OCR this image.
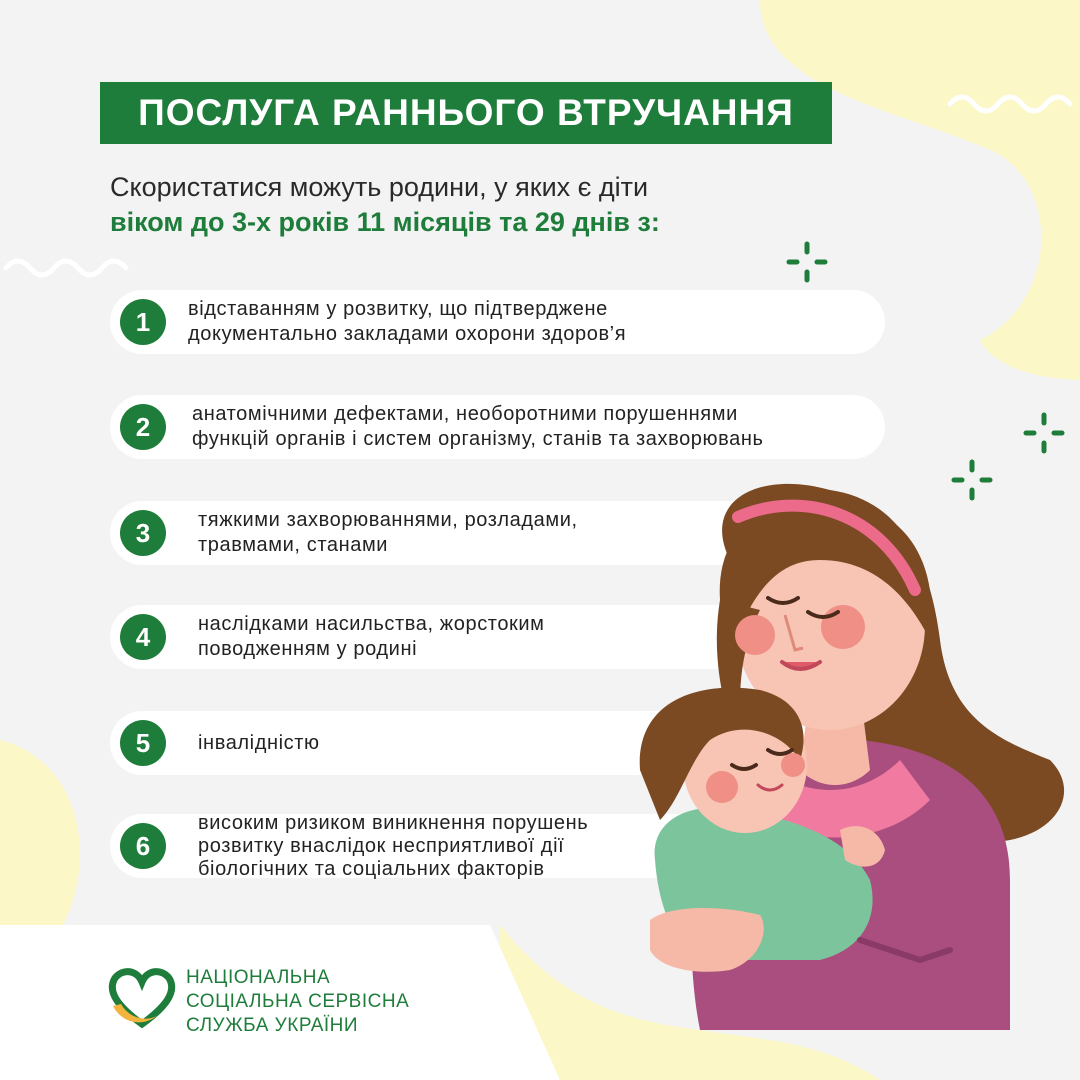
ПОСЛУГА РАННЬОГО ВТРУЧАННЯ
Скористатися можуть родини, у яких є діти
віком до 3-х років 11 місяців та 29 днів з:
1	відставанням у розвитку, що підтверджене
документально закладами охорони здоров’я
2	анатомічними дефектами, необоротними порушеннями
функцій органів і систем організму, станів та захворювань
3	тяжкими захворюваннями, розладами,
травмами, станами
4	наслідками насильства, жорстоким
поводженням у родині
5	інвалідністю
6
високим ризиком виникнення порушень
розвитку внаслідок несприятливої дії
біологічних та соціальних факторів
НАЦІОНАЛЬНА
СОЦІАЛЬНА СЕРВІСНА
СЛУЖБА УКРАЇНИ
